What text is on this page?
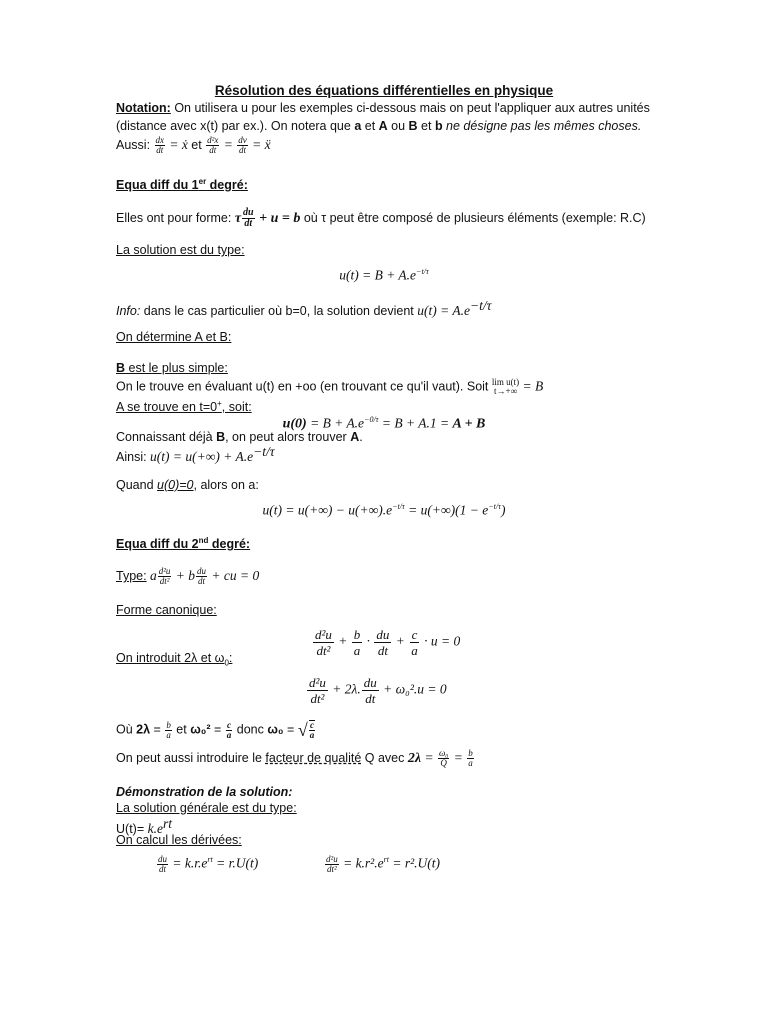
Résolution des équations différentielles en physique
Notation: On utilisera u pour les exemples ci-dessous mais on peut l'appliquer aux autres unités
(distance avec x(t) par ex.). On notera que a et A ou B et b ne désigne pas les mêmes choses.
Aussi: $\frac{dx}{dt}$ = ẋ et $\frac{\text{d²x}}{dt} = \frac{dv}{dt}$ = ẍ
Equa diff du 1er degré:
Elles ont pour forme: τ $\frac{du}{dt} + u = b$ où τ peut être composé de plusieurs éléments (exemple: R.C)
La solution est du type:
$u(t) = B + A.e^{-t/\tau}$
Info: dans le cas particulier où b=0, la solution devient $u(t) = A.e^{-t/\tau}$
On détermine A et B:
B est le plus simple:
On le trouve en évaluant u(t) en +oo (en trouvant ce qu'il vaut). Soit lim u(t)
t→+∞ = B
A se trouve en t=0+, soit:
$u(0) = B + A.e^{-0/\tau} = B + A.1 = A + B$
Connaissant déjà B, on peut alors trouver A.
Ainsi: $u(t) = u(+\infty) + A.e^{-t/\tau}$
Quand u(0)=0, alors on a:
$u(t) = u(+\infty) - u(+\infty).e^{-t/\tau} = u(+\infty)(1 - e^{-t/\tau})$
Equa diff du 2nd degré:
Type: a $\frac{\text{d²u}}{\text{dt²}} + b \frac{du}{dt}$ + cu = 0
Forme canonique:
$\frac{\text{d²u}}{\text{dt²}} + \frac{b}{a} \cdot \frac{du}{dt} + \frac{c}{a} \cdot u = 0$
On introduit 2λ et $\omega_0$:
$\frac{\text{d²u}}{\text{dt²}} + 2\lambda$. $\frac{du}{dt} + \omega_0^2.u = 0$
Où $2\lambda = \frac{b}{a}$ et $\omega_0^2 = \frac{c}{a}$ donc ω₀ = √ $\frac{c}{a}$
On peut aussi introduire le facteur de qualité Q avec $2\lambda = \frac{\text{ω₀}}{Q} = \frac{b}{a}$
Démonstration de la solution:
La solution générale est du type:
$U(t)= k.e^{rt}$
On calcul les dérivées:
$\frac{du}{dt} = k.r.e^{rt} = r.U(t)$	$\frac{\text{d²u}}{\text{dt²}} = k.r^2.e^{rt} = r^2.U(t)$
